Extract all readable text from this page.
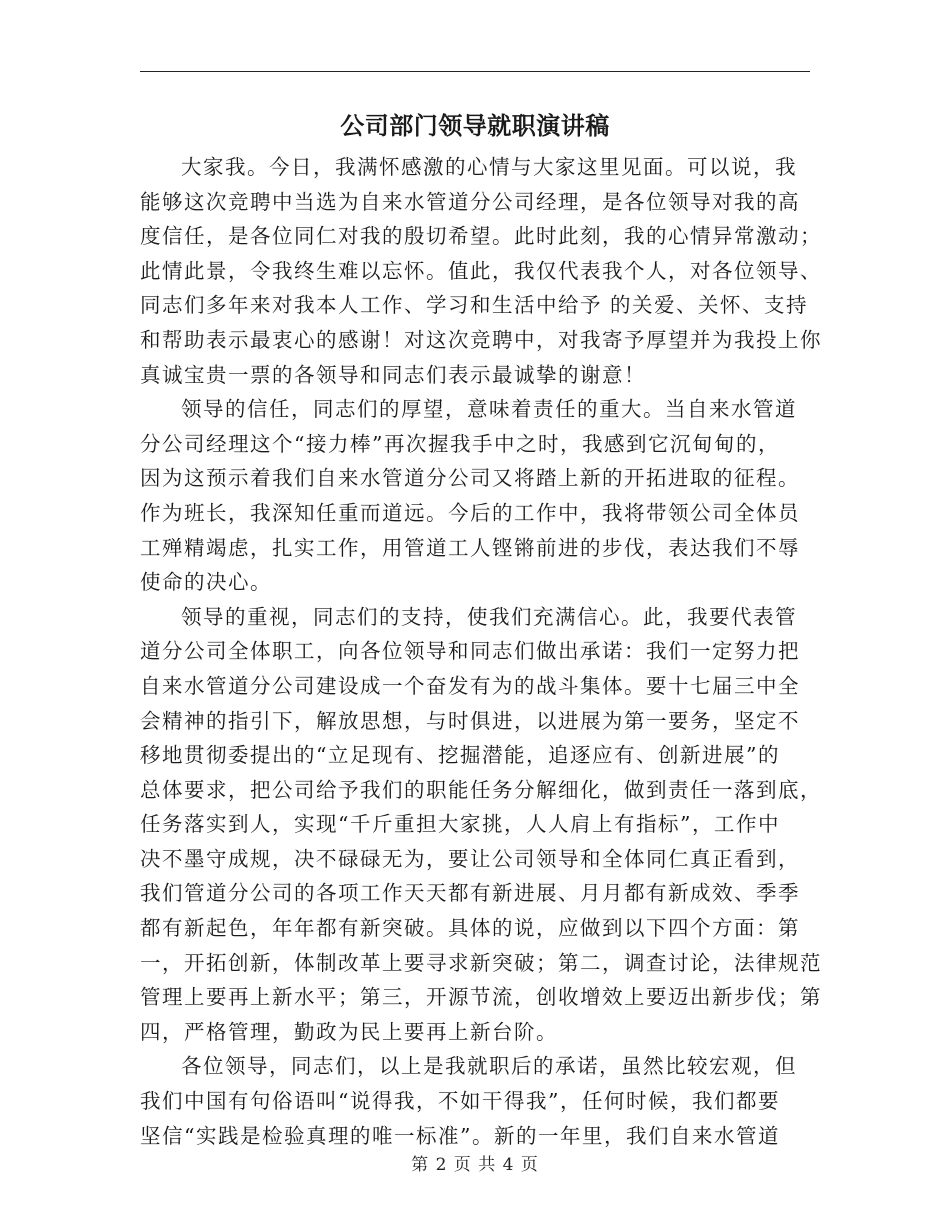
公司部门领导就职演讲稿

大家我。今日，我满怀感激的心情与大家这里见面。可以说，我
能够这次竞聘中当选为自来水管道分公司经理，是各位领导对我的高
度信任，是各位同仁对我的殷切希望。此时此刻，我的心情异常激动；
此情此景，令我终生难以忘怀。值此，我仅代表我个人，对各位领导、
同志们多年来对我本人工作、学习和生活中给予 的关爱、关怀、支持
和帮助表示最衷心的感谢！对这次竞聘中，对我寄予厚望并为我投上你
真诚宝贵一票的各领导和同志们表示最诚挚的谢意！

领导的信任，同志们的厚望，意味着责任的重大。当自来水管道
分公司经理这个“接力棒”再次握我手中之时，我感到它沉甸甸的，
因为这预示着我们自来水管道分公司又将踏上新的开拓进取的征程。
作为班长，我深知任重而道远。今后的工作中，我将带领公司全体员
工殚精竭虑，扎实工作，用管道工人铿锵前进的步伐，表达我们不辱
使命的决心。

领导的重视，同志们的支持，使我们充满信心。此，我要代表管
道分公司全体职工，向各位领导和同志们做出承诺：我们一定努力把
自来水管道分公司建设成一个奋发有为的战斗集体。要十七届三中全
会精神的指引下，解放思想，与时俱进，以进展为第一要务，坚定不
移地贯彻委提出的“立足现有、挖掘潜能，追逐应有、创新进展”的
总体要求，把公司给予我们的职能任务分解细化，做到责任一落到底，
任务落实到人，实现“千斤重担大家挑，人人肩上有指标”，工作中
决不墨守成规，决不碌碌无为，要让公司领导和全体同仁真正看到，
我们管道分公司的各项工作天天都有新进展、月月都有新成效、季季
都有新起色，年年都有新突破。具体的说，应做到以下四个方面：第
一，开拓创新，体制改革上要寻求新突破；第二，调查讨论，法律规范
管理上要再上新水平；第三，开源节流，创收增效上要迈出新步伐；第
四，严格管理，勤政为民上要再上新台阶。

各位领导，同志们，以上是我就职后的承诺，虽然比较宏观，但
我们中国有句俗语叫“说得我，不如干得我”，任何时候，我们都要
坚信“实践是检验真理的唯一标准”。新的一年里，我们自来水管道

第 2 页 共 4 页
